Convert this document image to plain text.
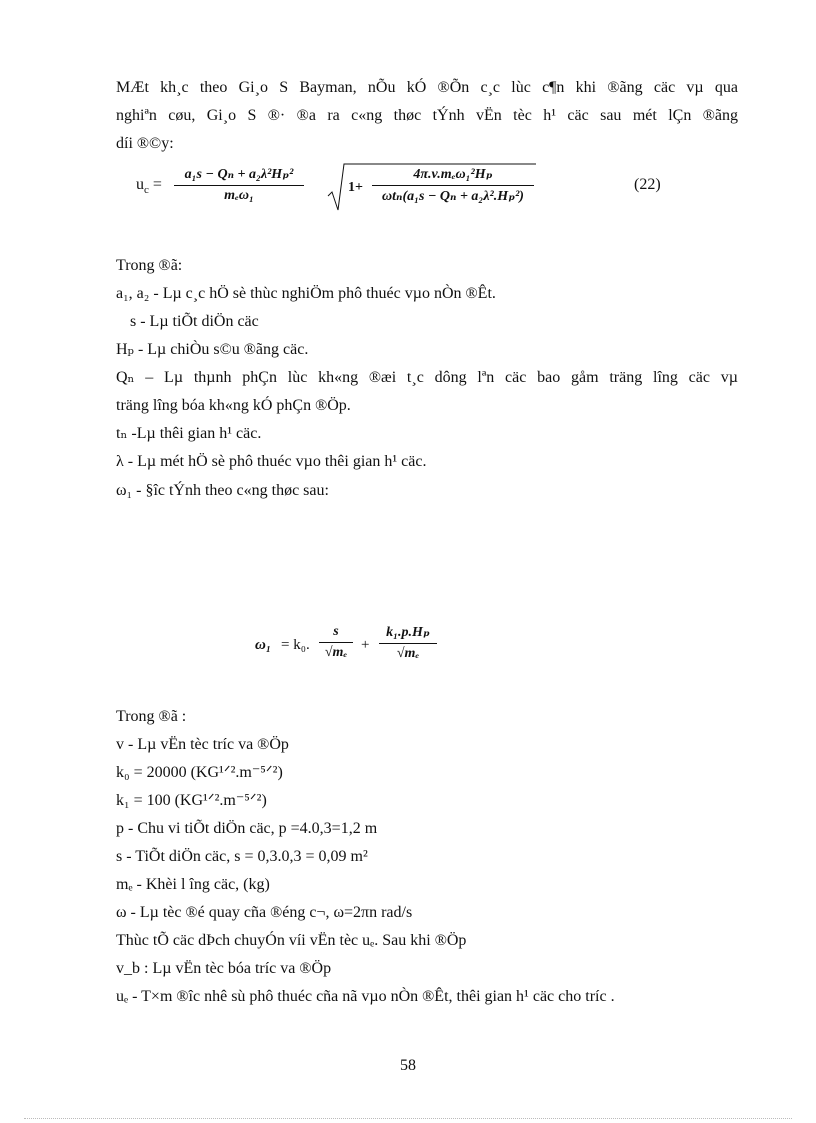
MÆt kh¸c theo Gi¸o S Bayman, nÕu kÓ ®Õn c¸c lùc c¶n khi ®ãng cäc vµ qua
nghiªn cøu, Gi¸o S ®· ®a ra c«ng thøc tÝnh vËn tèc h¹ cäc sau mét lÇn ®ãng
díi ®©y:
$u_c$ =
a₁s − Qₙ + a₂λ²Hₚ²
mₑω₁
1+
4π.v.mₑω₁²Hₚ
ωtₙ(a₁s − Qₙ + a₂λ².Hₚ²)
(22)
Trong ®ã:
a₁, a₂ - Lµ c¸c hÖ sè thùc nghiÖm phô thuéc vµo nÒn ®Êt.
s - Lµ tiÕt diÖn cäc
Hₚ - Lµ chiÒu s©u ®ãng cäc.
Qₙ – Lµ thµnh phÇn lùc kh«ng ®æi t¸c dông lªn cäc bao gåm träng lîng cäc vµ
träng lîng bóa kh«ng kÓ phÇn ®Öp.
tₙ -Lµ thêi gian h¹ cäc.
λ - Lµ mét hÖ sè phô thuéc vµo thêi gian h¹ cäc.
ω₁ - §îc tÝnh theo c«ng thøc sau:
ω₁ = k₀.
s
√mₑ +
k₁.p.Hₚ
√mₑ
Trong ®ã :
v - Lµ vËn tèc tríc va ®Öp
k₀ = 20000 (KG¹ᐟ².m⁻⁵ᐟ²)
k₁ = 100 (KG¹ᐟ².m⁻⁵ᐟ²)
p - Chu vi tiÕt diÖn cäc, p =4.0,3=1,2 m
s - TiÕt diÖn cäc, s = 0,3.0,3 = 0,09 m²
mₑ - Khèi l îng cäc, (kg)
ω - Lµ tèc ®é quay cña ®éng c¬, ω=2πn rad/s
Thùc tÕ cäc dÞch chuyÓn víi vËn tèc uₑ. Sau khi ®Öp
v_b : Lµ vËn tèc bóa tríc va ®Öp
uₑ - T×m ®îc nhê sù phô thuéc cña nã vµo nÒn ®Êt, thêi gian h¹ cäc cho tríc .
58
